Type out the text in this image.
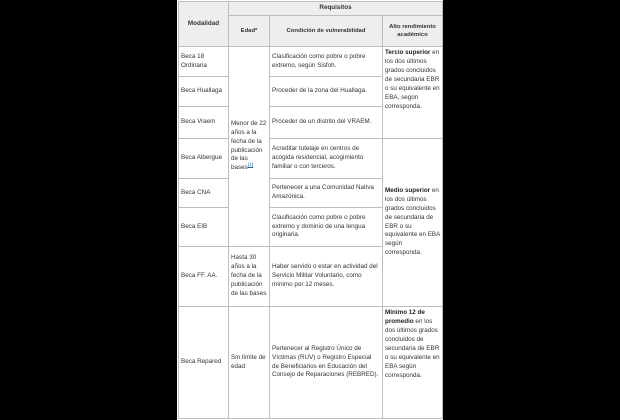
Modalidad	Requisitos		
	Edad*	Condición de vulnerabilidad	Alto rendimiento académico
Beca 18 Ordinaria	Menor de 22 años a la fecha de la publicación de las bases[1]	Clasificación como pobre o pobre extremo, según Sisfoh.	Tercio superior en los dos últimos grados concluidos de secundaria EBR o su equivalente en EBA, según corresponda.
Beca Huallaga		Proceder de la zona del Huallaga.	
Beca Vraem		Proceder de un distrito del VRAEM.	
Beca Albergue		Acreditar tutelaje en centros de acogida residencial, acogimiento familiar o con terceros.	Medio superior en los dos últimos grados concluidos de secundaria de EBR o su equivalente en EBA según corresponda.
Beca CNA		Pertenecer a una Comunidad Nativa Amazónica.	
Beca EIB		Clasificación como pobre o pobre extremo y dominio de una lengua originaria.	
Beca FF. AA.	Hasta 30 años a la fecha de la publicación de las bases	Haber servido o estar en actividad del Servicio Militar Voluntario, como mínimo por 12 meses.	
Beca Repared	Sin límite de edad	Pertenecer al Registro Único de Víctimas (RUV) o Registro Especial de Beneficiarios en Educación del Consejo de Reparaciones (REBRED).	Mínimo 12 de promedio en los dos últimos grados concluidos de secundaria de EBR o su equivalente en EBA según corresponda.
